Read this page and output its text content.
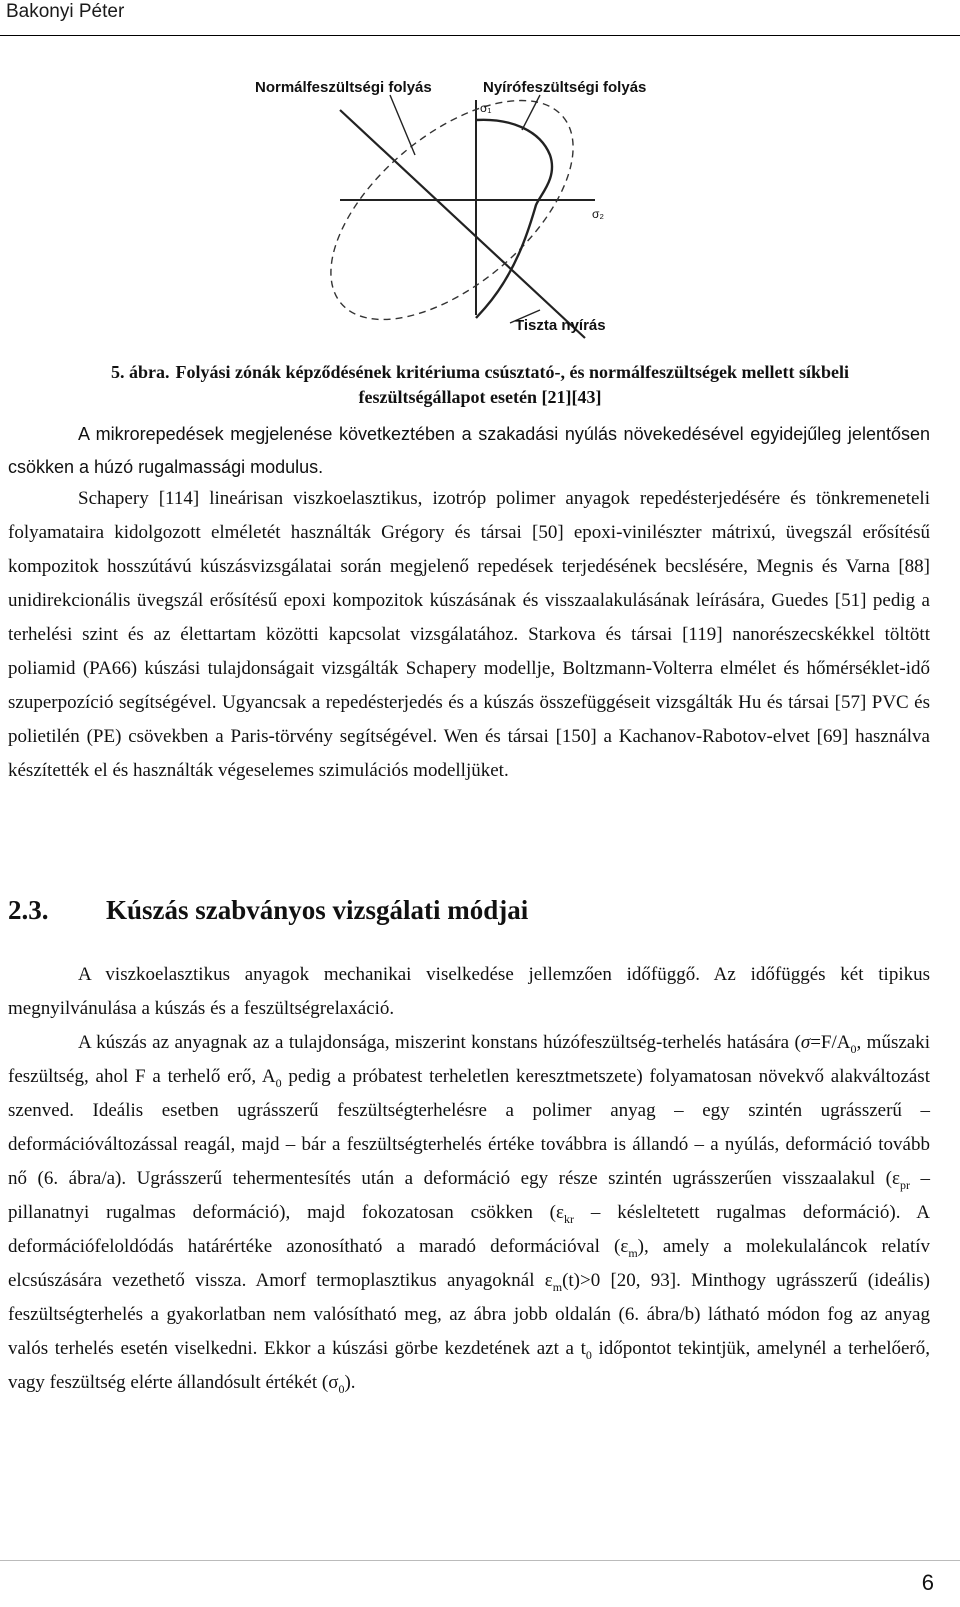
Bakonyi Péter
Normálfeszültségi folyás	Nyírófeszültségi folyás
σ₁
σ₂
Tiszta nyírás
5. ábra. Folyási zónák képződésének kritériuma csúsztató-, és normálfeszültségek mellett síkbeli
feszültségállapot esetén [21][43]

A mikrorepedések megjelenése következtében a szakadási nyúlás növekedésével egyidejűleg jelentősen csökken a húzó rugalmassági modulus.

Schapery [114] lineárisan viszkoelasztikus, izotróp polimer anyagok repedésterjedésére és tönkremeneteli folyamataira kidolgozott elméletét használták Grégory és társai [50] epoxi-vinilészter mátrixú, üvegszál erősítésű kompozitok hosszútávú kúszásvizsgálatai során megjelenő repedések terjedésének becslésére, Megnis és Varna [88] unidirekcionális üvegszál erősítésű epoxi kompozitok kúszásának és visszaalakulásának leírására, Guedes [51] pedig a terhelési szint és az élettartam közötti kapcsolat vizsgálatához. Starkova és társai [119] nanorészecskékkel töltött poliamid (PA66) kúszási tulajdonságait vizsgálták Schapery modellje, Boltzmann-Volterra elmélet és hőmérséklet-idő szuperpozíció segítségével. Ugyancsak a repedésterjedés és a kúszás összefüggéseit vizsgálták Hu és társai [57] PVC és polietilén (PE) csövekben a Paris-törvény segítségével. Wen és társai [150] a Kachanov-Rabotov-elvet [69] használva készítették el és használták végeselemes szimulációs modelljüket.

2.3. Kúszás szabványos vizsgálati módjai

A viszkoelasztikus anyagok mechanikai viselkedése jellemzően időfüggő. Az időfüggés két tipikus megnyilvánulása a kúszás és a feszültségrelaxáció.

A kúszás az anyagnak az a tulajdonsága, miszerint konstans húzófeszültség-terhelés hatására ($\sigma=F/A_0$, műszaki feszültség, ahol F a terhelő erő, $A_0$ pedig a próbatest terheletlen keresztmetszete) folyamatosan növekvő alakváltozást szenved. Ideális esetben ugrásszerű feszültségterhelésre a polimer anyag – egy szintén ugrásszerű – deformációváltozással reagál, majd – bár a feszültségterhelés értéke továbbra is állandó – a nyúlás, deformáció tovább nő (6. ábra/a). Ugrásszerű tehermentesítés után a deformáció egy része szintén ugrásszerűen visszaalakul ($\varepsilon_{pr}$ – pillanatnyi rugalmas deformáció), majd fokozatosan csökken ($\varepsilon_{kr}$ – késleltetett rugalmas deformáció). A deformációfeloldódás határértéke azonosítható a maradó deformációval $(\varepsilon_m)$, amely a molekulaláncok relatív elcsúszására vezethető vissza. Amorf termoplasztikus anyagoknál $\varepsilon_m(t)>0$ [20, 93]. Minthogy ugrásszerű (ideális) feszültségterhelés a gyakorlatban nem valósítható meg, az ábra jobb oldalán (6. ábra/b) látható módon fog az anyag valós terhelés esetén viselkedni. Ekkor a kúszási görbe kezdetének azt a $t_0$ időpontot tekintjük, amelynél a terhelőerő, vagy feszültség elérte állandósult értékét $(\sigma_0)$.

6
